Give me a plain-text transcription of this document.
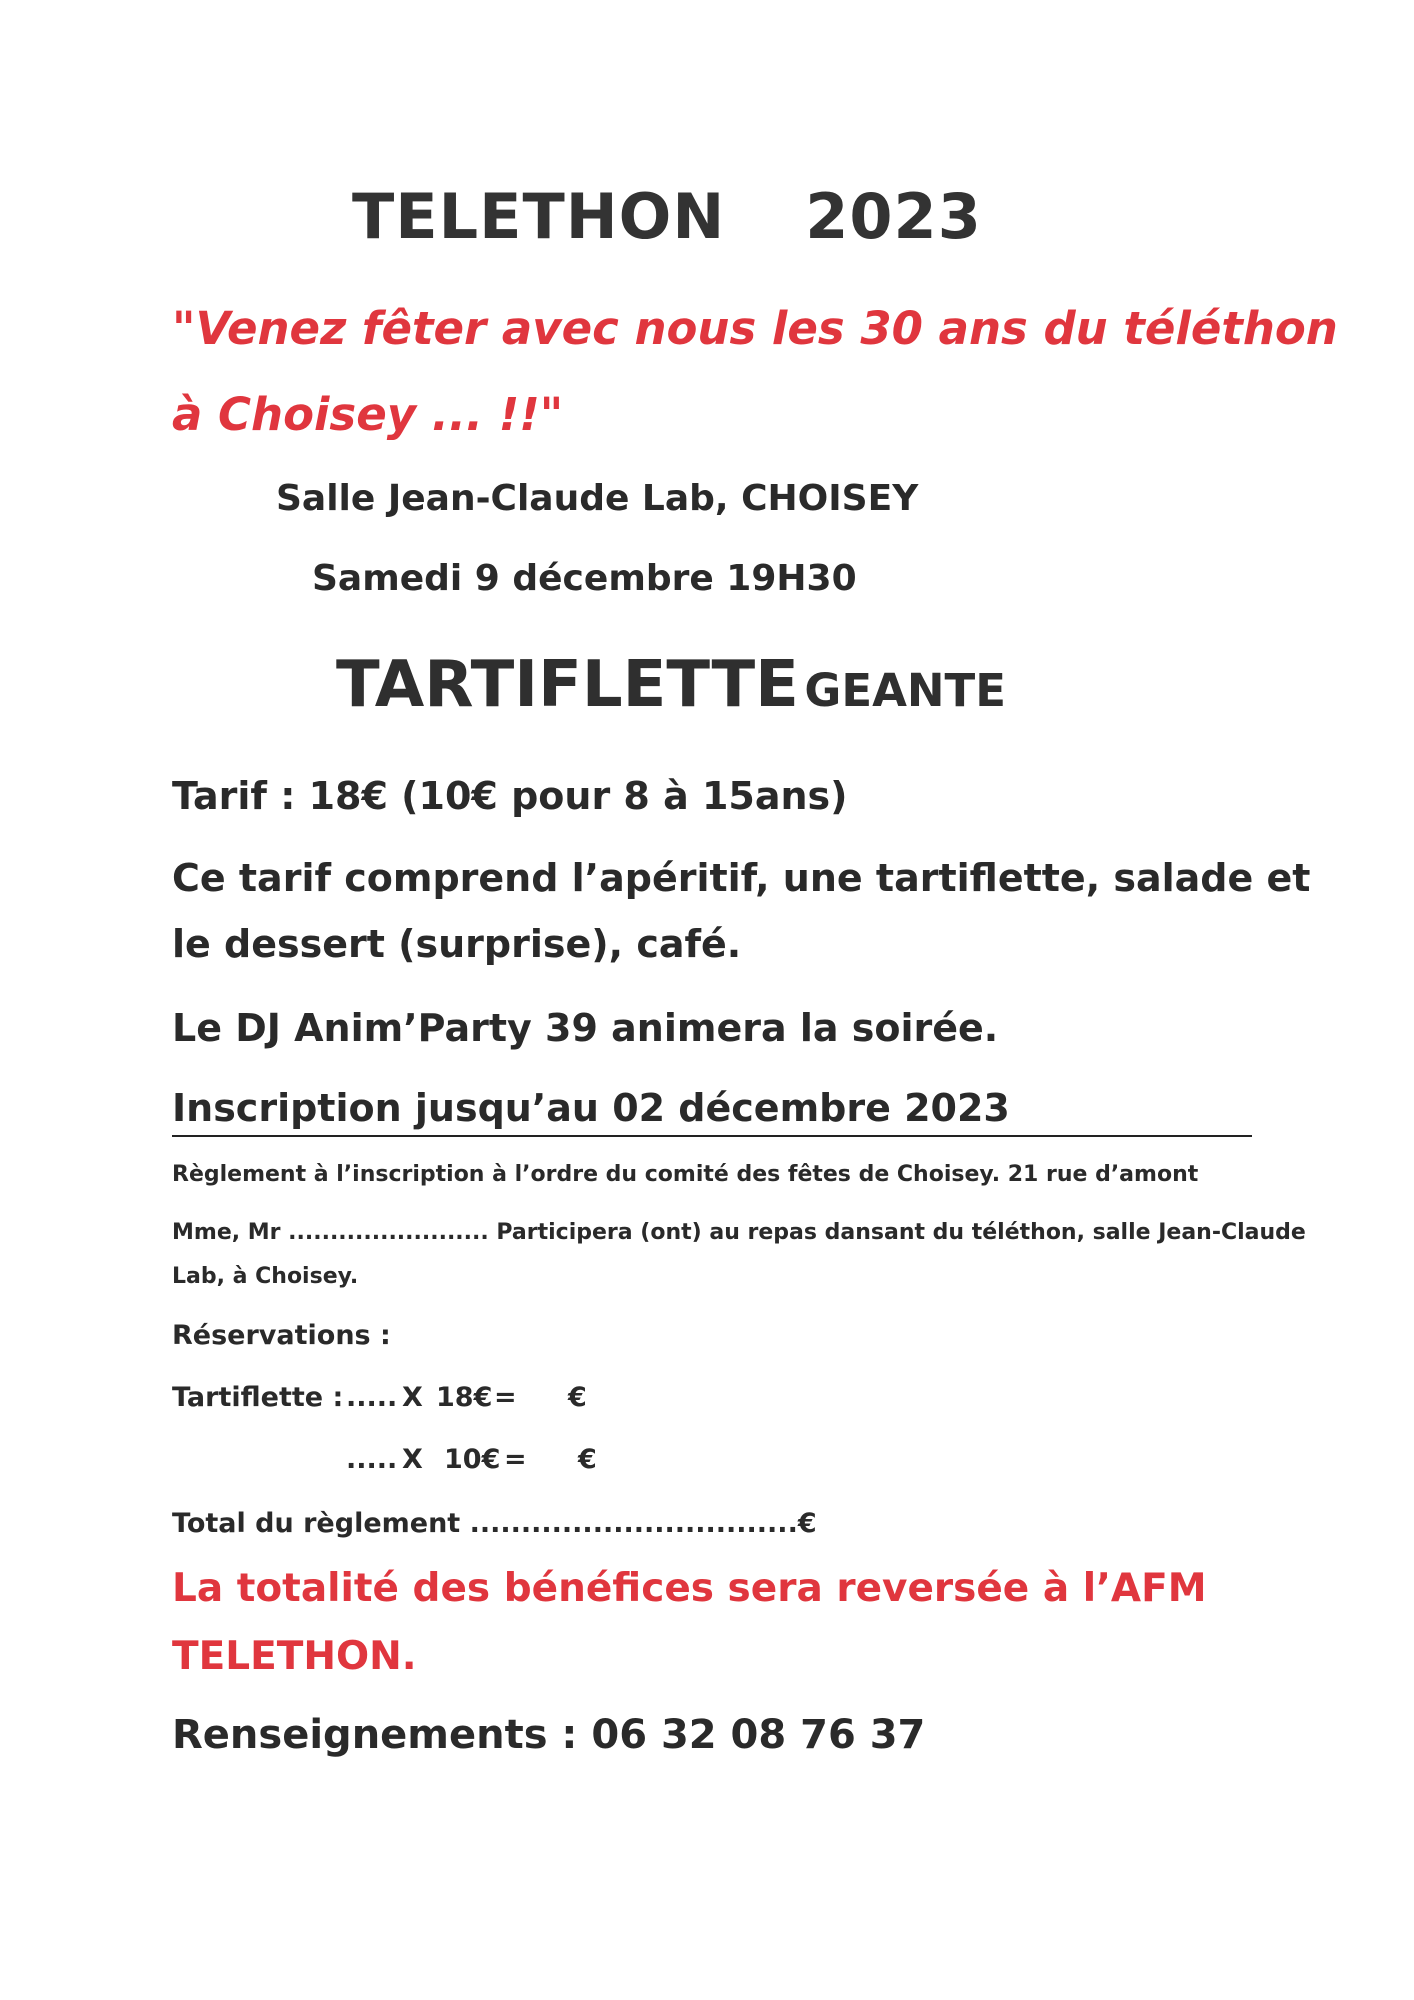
TELETHON 2023
"Venez fêter avec nous les 30 ans du téléthon
à Choisey ... !!"
Salle Jean-Claude Lab, CHOISEY
Samedi 9 décembre 19H30
TARTIFLETTE GEANTE
Tarif : 18€ (10€ pour 8 à 15ans)
Ce tarif comprend l’apéritif, une tartiflette, salade et
le dessert (surprise), café.
Le DJ Anim’Party 39 animera la soirée.
Inscription jusqu’au 02 décembre 2023
Règlement à l’inscription à l’ordre du comité des fêtes de Choisey. 21 rue d’amont
Mme, Mr ........................ Participera (ont) au repas dansant du téléthon, salle Jean-Claude
Lab, à Choisey.
Réservations :
Tartiflette : ..... X 18€ = €
..... X 10€ = €
Total du règlement ................................€
La totalité des bénéfices sera reversée à l’AFM
TELETHON.
Renseignements : 06 32 08 76 37
